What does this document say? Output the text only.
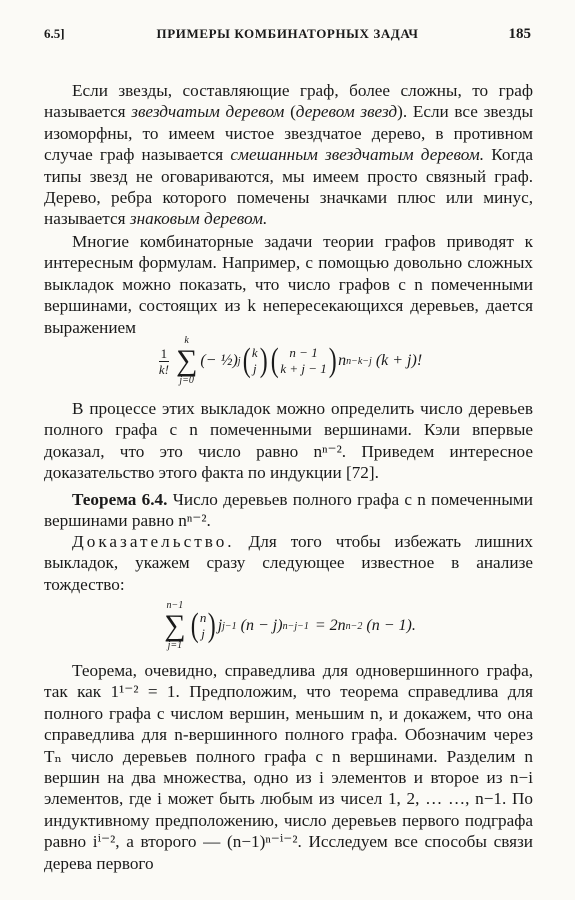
6.5]	ПРИМЕРЫ КОМБИНАТОРНЫХ ЗАДАЧ	185

Если звезды, составляющие граф, более сложны, то граф называется звездчатым деревом (деревом звезд). Если все звезды изоморфны, то имеем чистое звездчатое дерево, в противном случае граф называется смешанным звездчатым деревом. Когда типы звезд не оговариваются, мы имеем просто связный граф. Дерево, ребра которого помечены значками плюс или минус, называется знаковым деревом.

Многие комбинаторные задачи теории графов приводят к интересным формулам. Например, с помощью довольно сложных выкладок можно показать, что число графов с n помеченными вершинами, состоящих из k непересекающихся деревьев, дается выражением

$\frac{1}{k!}$
k
∑
j=0
(− ½) j ( k
j ) ( n − 1
k + j − 1 ) n n−k−j (k + j)!

В процессе этих выкладок можно определить число деревьев полного графа с n помеченными вершинами. Кэли впервые доказал, что это число равно nⁿ⁻². Приведем интересное доказательство этого факта по индукции [72].

Теорема 6.4. Число деревьев полного графа с n помеченными вершинами равно nⁿ⁻².

Доказательство. Для того чтобы избежать лишних выкладок, укажем сразу следующее известное в анализе тождество:

n−1
∑
j=1
( n
j ) j j−1 (n − j) n−j−1 = 2n n−2 (n − 1).

Теорема, очевидно, справедлива для одновершинного графа, так как 1¹⁻² = 1. Предположим, что теорема справедлива для полного графа с числом вершин, меньшим n, и докажем, что она справедлива для n-вершинного полного графа. Обозначим через Tₙ число деревьев полного графа с n вершинами. Разделим n вершин на два множества, одно из i элементов и второе из n−i элементов, где i может быть любым из чисел 1, 2, … …, n−1. По индуктивному предположению, число деревьев первого подграфа равно iⁱ⁻², а второго — (n−1)ⁿ⁻ⁱ⁻². Исследуем все способы связи дерева первого
